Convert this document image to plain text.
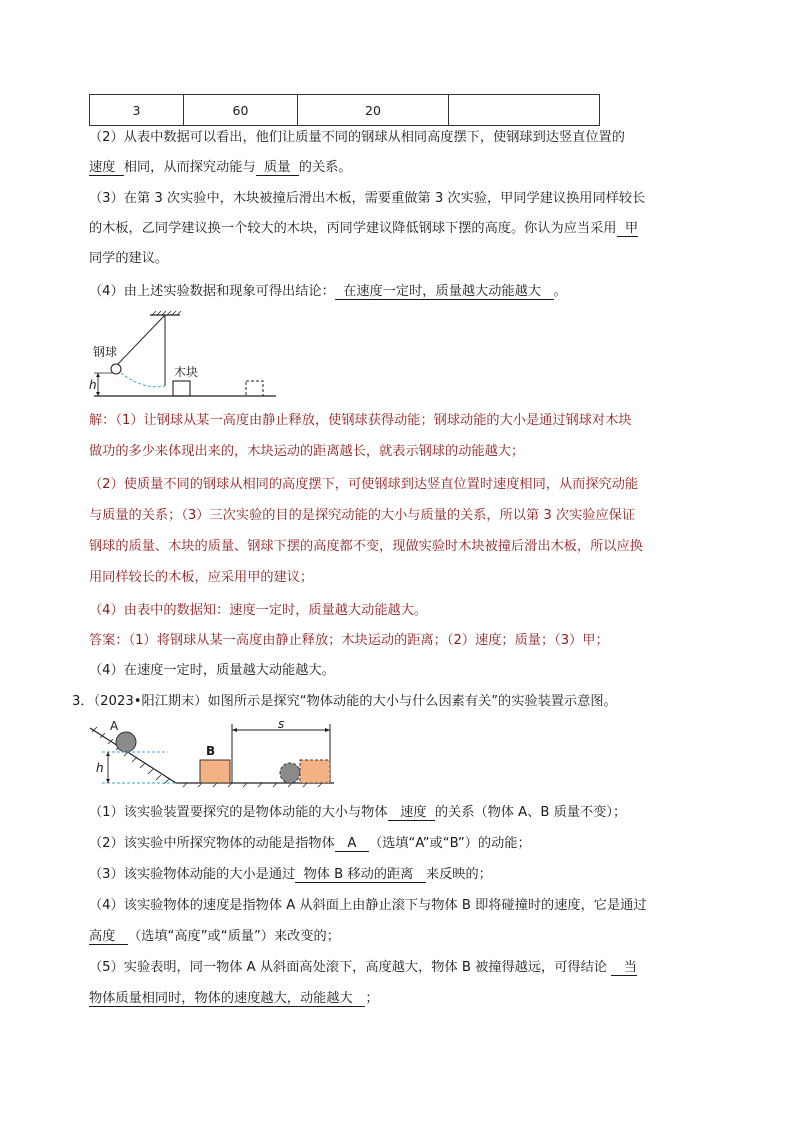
3	60	20	
（2）从表中数据可以看出，他们让质量不同的钢球从相同高度摆下，使钢球到达竖直位置的
速度 相同，从而探究动能与 质量 的关系。
（3）在第 3 次实验中，木块被撞后滑出木板，需要重做第 3 次实验，甲同学建议换用同样较长
的木板，乙同学建议换一个较大的木块，丙同学建议降低钢球下摆的高度。你认为应当采用 甲
同学的建议。
（4）由上述实验数据和现象可得出结论： 在速度一定时，质量越大动能越大 。
h
钢球
木块
解：（1）让钢球从某一高度由静止释放，使钢球获得动能；钢球动能的大小是通过钢球对木块
做功的多少来体现出来的，木块运动的距离越长，就表示钢球的动能越大；
（2）使质量不同的钢球从相同的高度摆下，可使钢球到达竖直位置时速度相同，从而探究动能
与质量的关系；（3）三次实验的目的是探究动能的大小与质量的关系，所以第 3 次实验应保证
钢球的质量、木块的质量、钢球下摆的高度都不变，现做实验时木块被撞后滑出木板，所以应换
用同样较长的木板，应采用甲的建议；
（4）由表中的数据知：速度一定时，质量越大动能越大。
答案：（1）将钢球从某一高度由静止释放；木块运动的距离；（2）速度；质量；（3）甲；
（4）在速度一定时，质量越大动能越大。
3．（2023•阳江期末）如图所示是探究“物体动能的大小与什么因素有关”的实验装置示意图。
A
h
B
s
（1）该实验装置要探究的是物体动能的大小与物体 速度 的关系（物体 A、B 质量不变）；
（2）该实验中所探究物体的动能是指物体 A （选填“A”或“B”）的动能；
（3）该实验物体动能的大小是通过 物体 B 移动的距离 来反映的；
（4）该实验物体的速度是指物体 A 从斜面上由静止滚下与物体 B 即将碰撞时的速度，它是通过
高度 （选填“高度”或“质量”）来改变的；
（5）实验表明，同一物体 A 从斜面高处滚下，高度越大，物体 B 被撞得越远，可得结论 当
物体质量相同时，物体的速度越大，动能越大 ；
